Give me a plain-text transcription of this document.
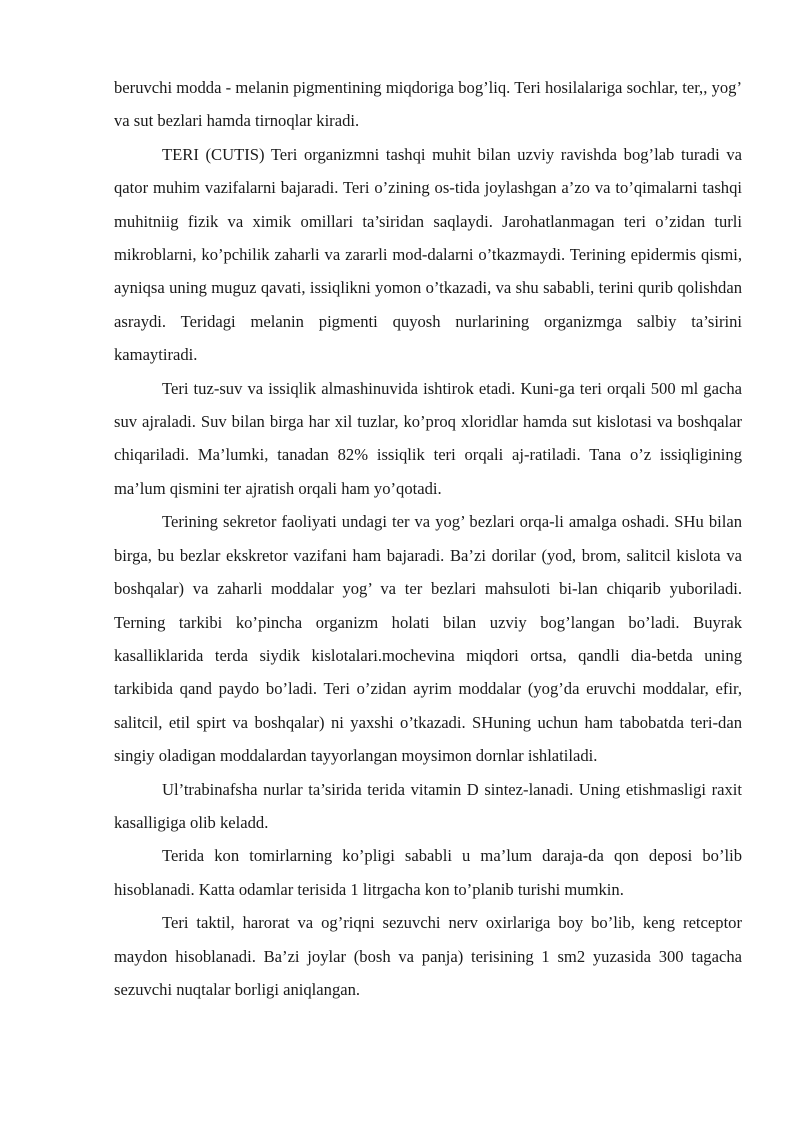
beruvchi modda - melanin pigmentining miqdoriga bog’liq. Teri hosilalariga sochlar, ter,, yog’ va sut bezlari hamda tirnoqlar kiradi.

TERI (CUTIS) Teri organizmni tashqi muhit bilan uzviy ravishda bog’lab turadi va qator muhim vazifalarni bajaradi. Teri o’zining os-tida joylashgan a’zo va to’qimalarni tashqi muhitniig fizik va ximik omillari ta’siridan saqlaydi. Jarohatlanmagan teri o’zidan turli mikroblarni, ko’pchilik zaharli va zararli mod-dalarni o’tkazmaydi. Terining epidermis qismi, ayniqsa uning muguz qavati, issiqlikni yomon o’tkazadi, va shu sababli, terini qurib qolishdan asraydi. Teridagi melanin pigmenti quyosh nurlarining organizmga salbiy ta’sirini kamaytiradi.

Teri tuz-suv va issiqlik almashinuvida ishtirok etadi. Kuni-ga teri orqali 500 ml gacha suv ajraladi. Suv bilan birga har xil tuzlar, ko’proq xloridlar hamda sut kislotasi va boshqalar chiqariladi. Ma’lumki, tanadan 82% issiqlik teri orqali aj-ratiladi. Tana o’z issiqligining ma’lum qismini ter ajratish orqali ham yo’qotadi.

Terining sekretor faoliyati undagi ter va yog’ bezlari orqa-li amalga oshadi. SHu bilan birga, bu bezlar ekskretor vazifani ham bajaradi. Ba’zi dorilar (yod, brom, salitcil kislota va boshqalar) va zaharli moddalar yog’ va ter bezlari mahsuloti bi-lan chiqarib yuboriladi. Terning tarkibi ko’pincha organizm holati bilan uzviy bog’langan bo’ladi. Buyrak kasalliklarida terda siydik kislotalari.mochevina miqdori ortsa, qandli dia-betda uning tarkibida qand paydo bo’ladi. Teri o’zidan ayrim moddalar (yog’da eruvchi moddalar, efir, salitcil, etil spirt va boshqalar) ni yaxshi o’tkazadi. SHuning uchun ham tabobatda teri-dan singiy oladigan moddalardan tayyorlangan moysimon dornlar ishlatiladi.

Ul’trabinafsha nurlar ta’sirida terida vitamin D sintez-lanadi. Uning etishmasligi raxit kasalligiga olib keladd.

Terida kon tomirlarning ko’pligi sababli u ma’lum daraja-da qon deposi bo’lib hisoblanadi. Katta odamlar terisida 1 litrgacha kon to’planib turishi mumkin.

Teri taktil, harorat va og’riqni sezuvchi nerv oxirlariga boy bo’lib, keng retceptor maydon hisoblanadi. Ba’zi joylar (bosh va panja) terisining 1 sm2 yuzasida 300 tagacha sezuvchi nuqtalar borligi aniqlangan.
